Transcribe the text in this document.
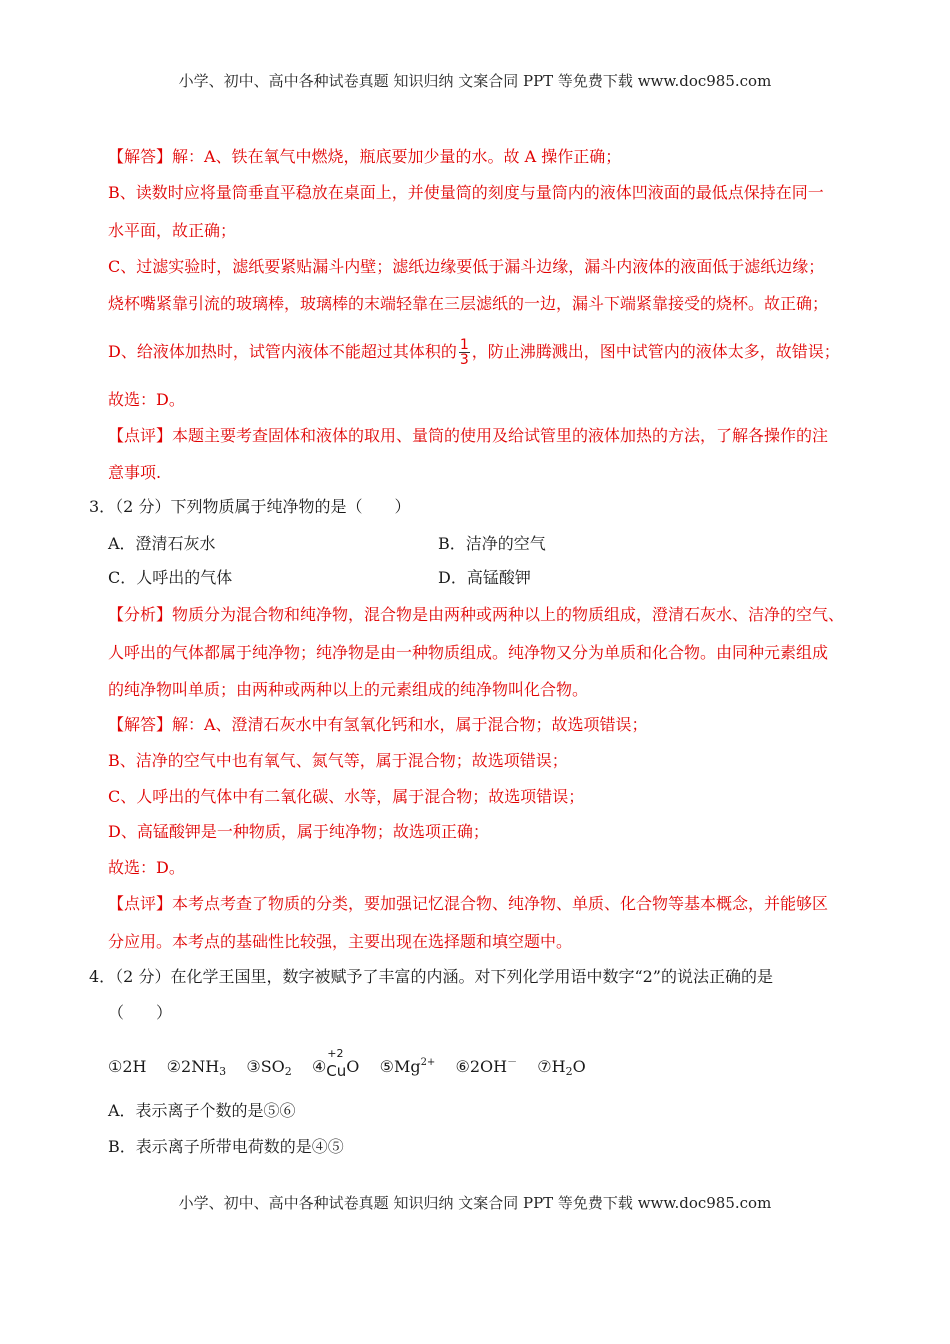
小学、初中、高中各种试卷真题 知识归纳 文案合同 PPT 等免费下载 www.doc985.com
【解答】解：A、铁在氧气中燃烧，瓶底要加少量的水。故 A 操作正确；
B、读数时应将量筒垂直平稳放在桌面上，并使量筒的刻度与量筒内的液体凹液面的最低点保持在同一
水平面，故正确；
C、过滤实验时，滤纸要紧贴漏斗内壁；滤纸边缘要低于漏斗边缘，漏斗内液体的液面低于滤纸边缘；
烧杯嘴紧靠引流的玻璃棒，玻璃棒的末端轻靠在三层滤纸的一边，漏斗下端紧靠接受的烧杯。故正确；
D、给液体加热时，试管内液体不能超过其体积的 $\frac{1}{3}$ ，防止沸腾溅出，图中试管内的液体太多，故错误；
故选：D。
【点评】本题主要考查固体和液体的取用、量筒的使用及给试管里的液体加热的方法，了解各操作的注
意事项.
3．（2 分）下列物质属于纯净物的是（　　）
A．澄清石灰水	B．洁净的空气
C．人呼出的气体	D．高锰酸钾
【分析】物质分为混合物和纯净物，混合物是由两种或两种以上的物质组成，澄清石灰水、洁净的空气、
人呼出的气体都属于纯净物；纯净物是由一种物质组成。纯净物又分为单质和化合物。由同种元素组成
的纯净物叫单质；由两种或两种以上的元素组成的纯净物叫化合物。
【解答】解：A、澄清石灰水中有氢氧化钙和水，属于混合物；故选项错误；
B、洁净的空气中也有氧气、氮气等，属于混合物；故选项错误；
C、人呼出的气体中有二氧化碳、水等，属于混合物；故选项错误；
D、高锰酸钾是一种物质，属于纯净物；故选项正确；
故选：D。
【点评】本考点考查了物质的分类，要加强记忆混合物、纯净物、单质、化合物等基本概念，并能够区
分应用。本考点的基础性比较强，主要出现在选择题和填空题中。
4．（2 分）在化学王国里，数字被赋予了丰富的内涵。对下列化学用语中数字“2”的说法正确的是
（　　）
①2H $②2NH_3$ $③SO_2$ ④
+2
CuO $⑤Mg^{2+}$ ⑥2OH－ $⑦H_2O$
A．表示离子个数的是⑤⑥
B．表示离子所带电荷数的是④⑤
小学、初中、高中各种试卷真题 知识归纳 文案合同 PPT 等免费下载 www.doc985.com
